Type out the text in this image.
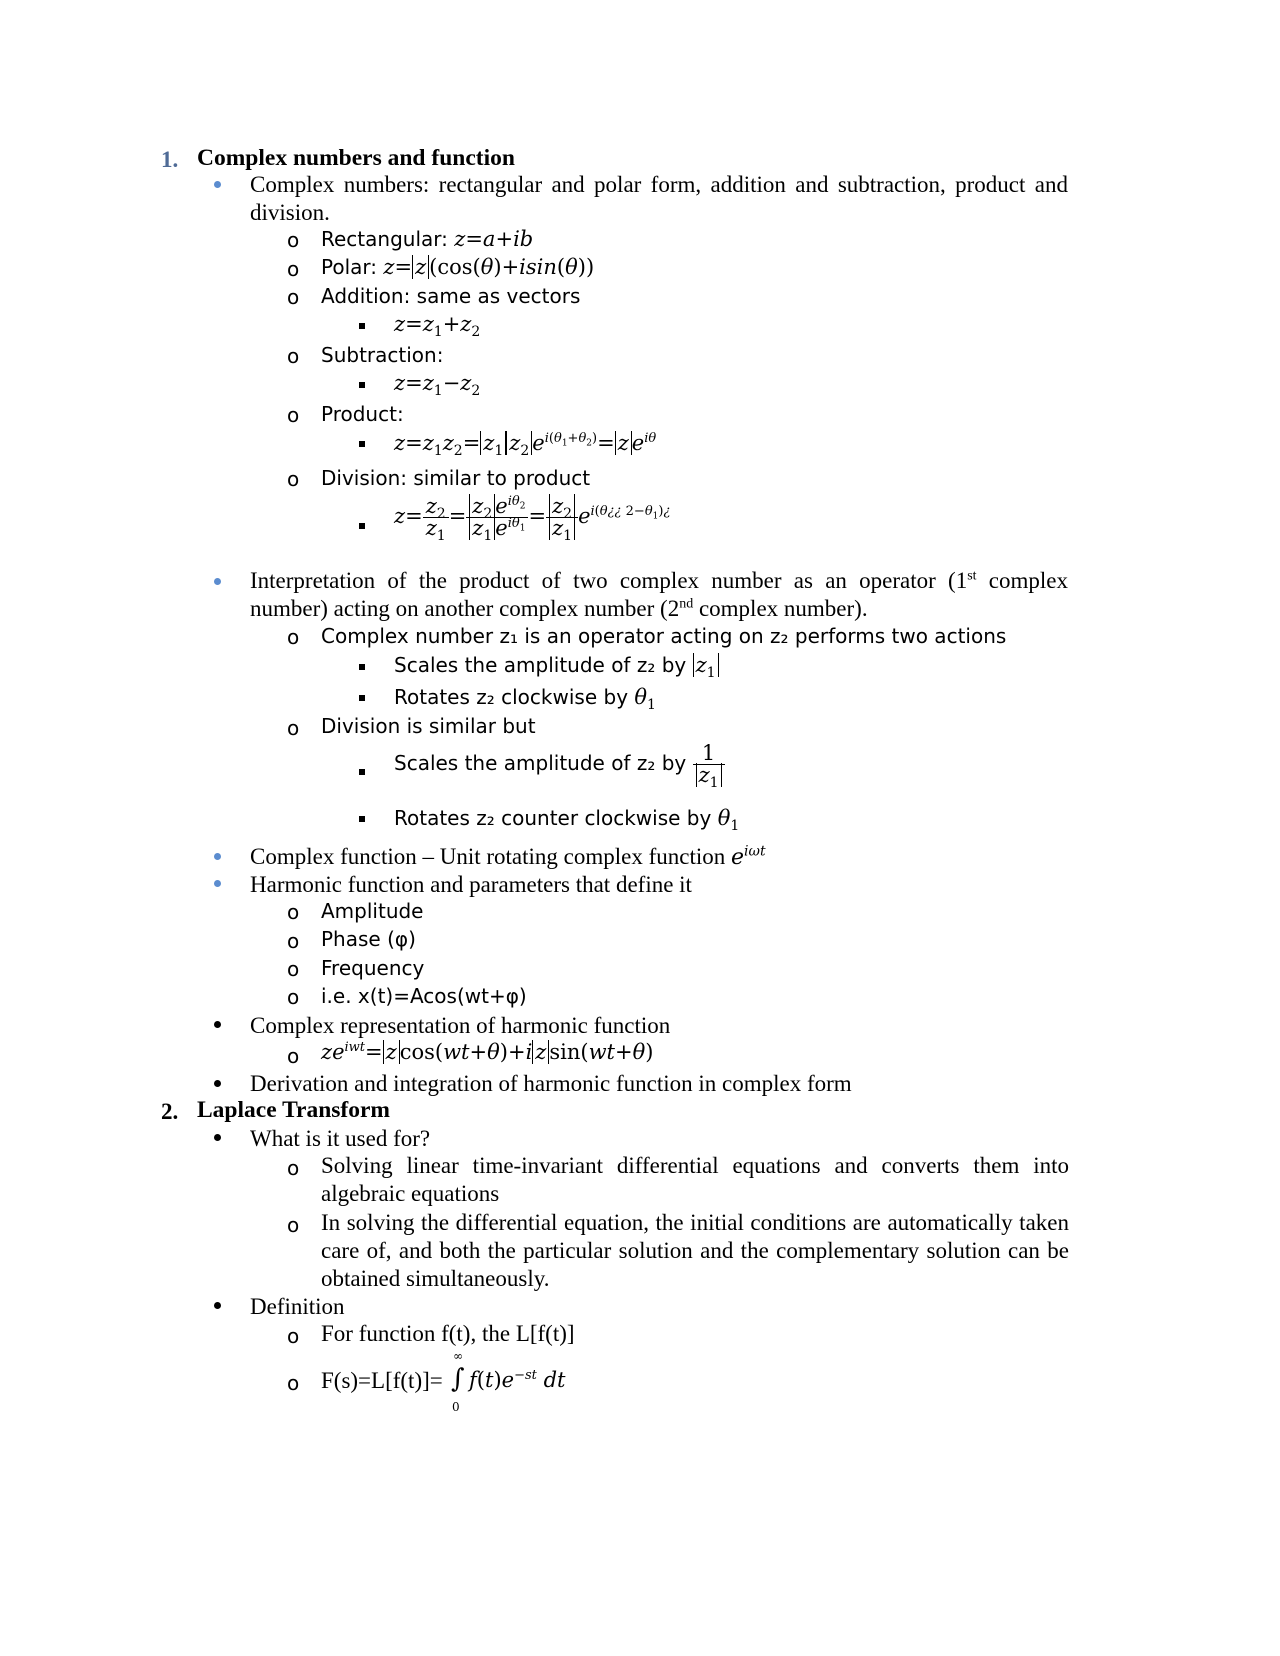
1. Complex numbers and function
Complex numbers: rectangular and polar form, addition and subtraction, product and division.
o Rectangular: z=a+ib
o Polar: z= z (cos(θ)+isin(θ))
o Addition: same as vectors
$z=z_1+z_2$
o Subtraction:
$z=z_1-z_2$
o Product:
$z=z_1z_2= z_1$ $z_2$ $e^{i(\theta_1+\theta_2)}= z$ $e^{i\theta}$
o Division: similar to product
$z= \frac{z_2}{z_1} = \frac{z_2 e^{i\theta_2}}{z_1 e^{i\theta_1}} = \frac{z_2}{z_1} e^{i(\theta¿¿ 2-\theta_1)¿}$
Interpretation of the product of two complex number as an operator (1st complex number) acting on another complex number (2nd complex number).
o Complex number z₁ is an operator acting on z₂ performs two actions
Scales the amplitude of z₂ by $z_1$
Rotates z₂ clockwise by $\theta_1$
o Division is similar but
Scales the amplitude of z₂ by $\frac{1}{z_1}$
Rotates z₂ counter clockwise by $\theta_1$
Complex function – Unit rotating complex function $e^{i\omega t}$
Harmonic function and parameters that define it
o Amplitude
o Phase (φ)
o Frequency
o i.e. x(t)=Acos(wt+φ)
Complex representation of harmonic function
o $ze^{iwt}= z$ cos(wt+θ)+i z sin(wt+θ)
Derivation and integration of harmonic function in complex form
2. Laplace Transform
What is it used for?
o Solving linear time-invariant differential equations and converts them into algebraic equations
o In solving the differential equation, the initial conditions are automatically taken care of, and both the particular solution and the complementary solution can be obtained simultaneously.
Definition
o For function f(t), the L[f(t)]
o F(s)=L[f(t)]=
∞
∫
0
$f(t)e^{-st}$ dt
